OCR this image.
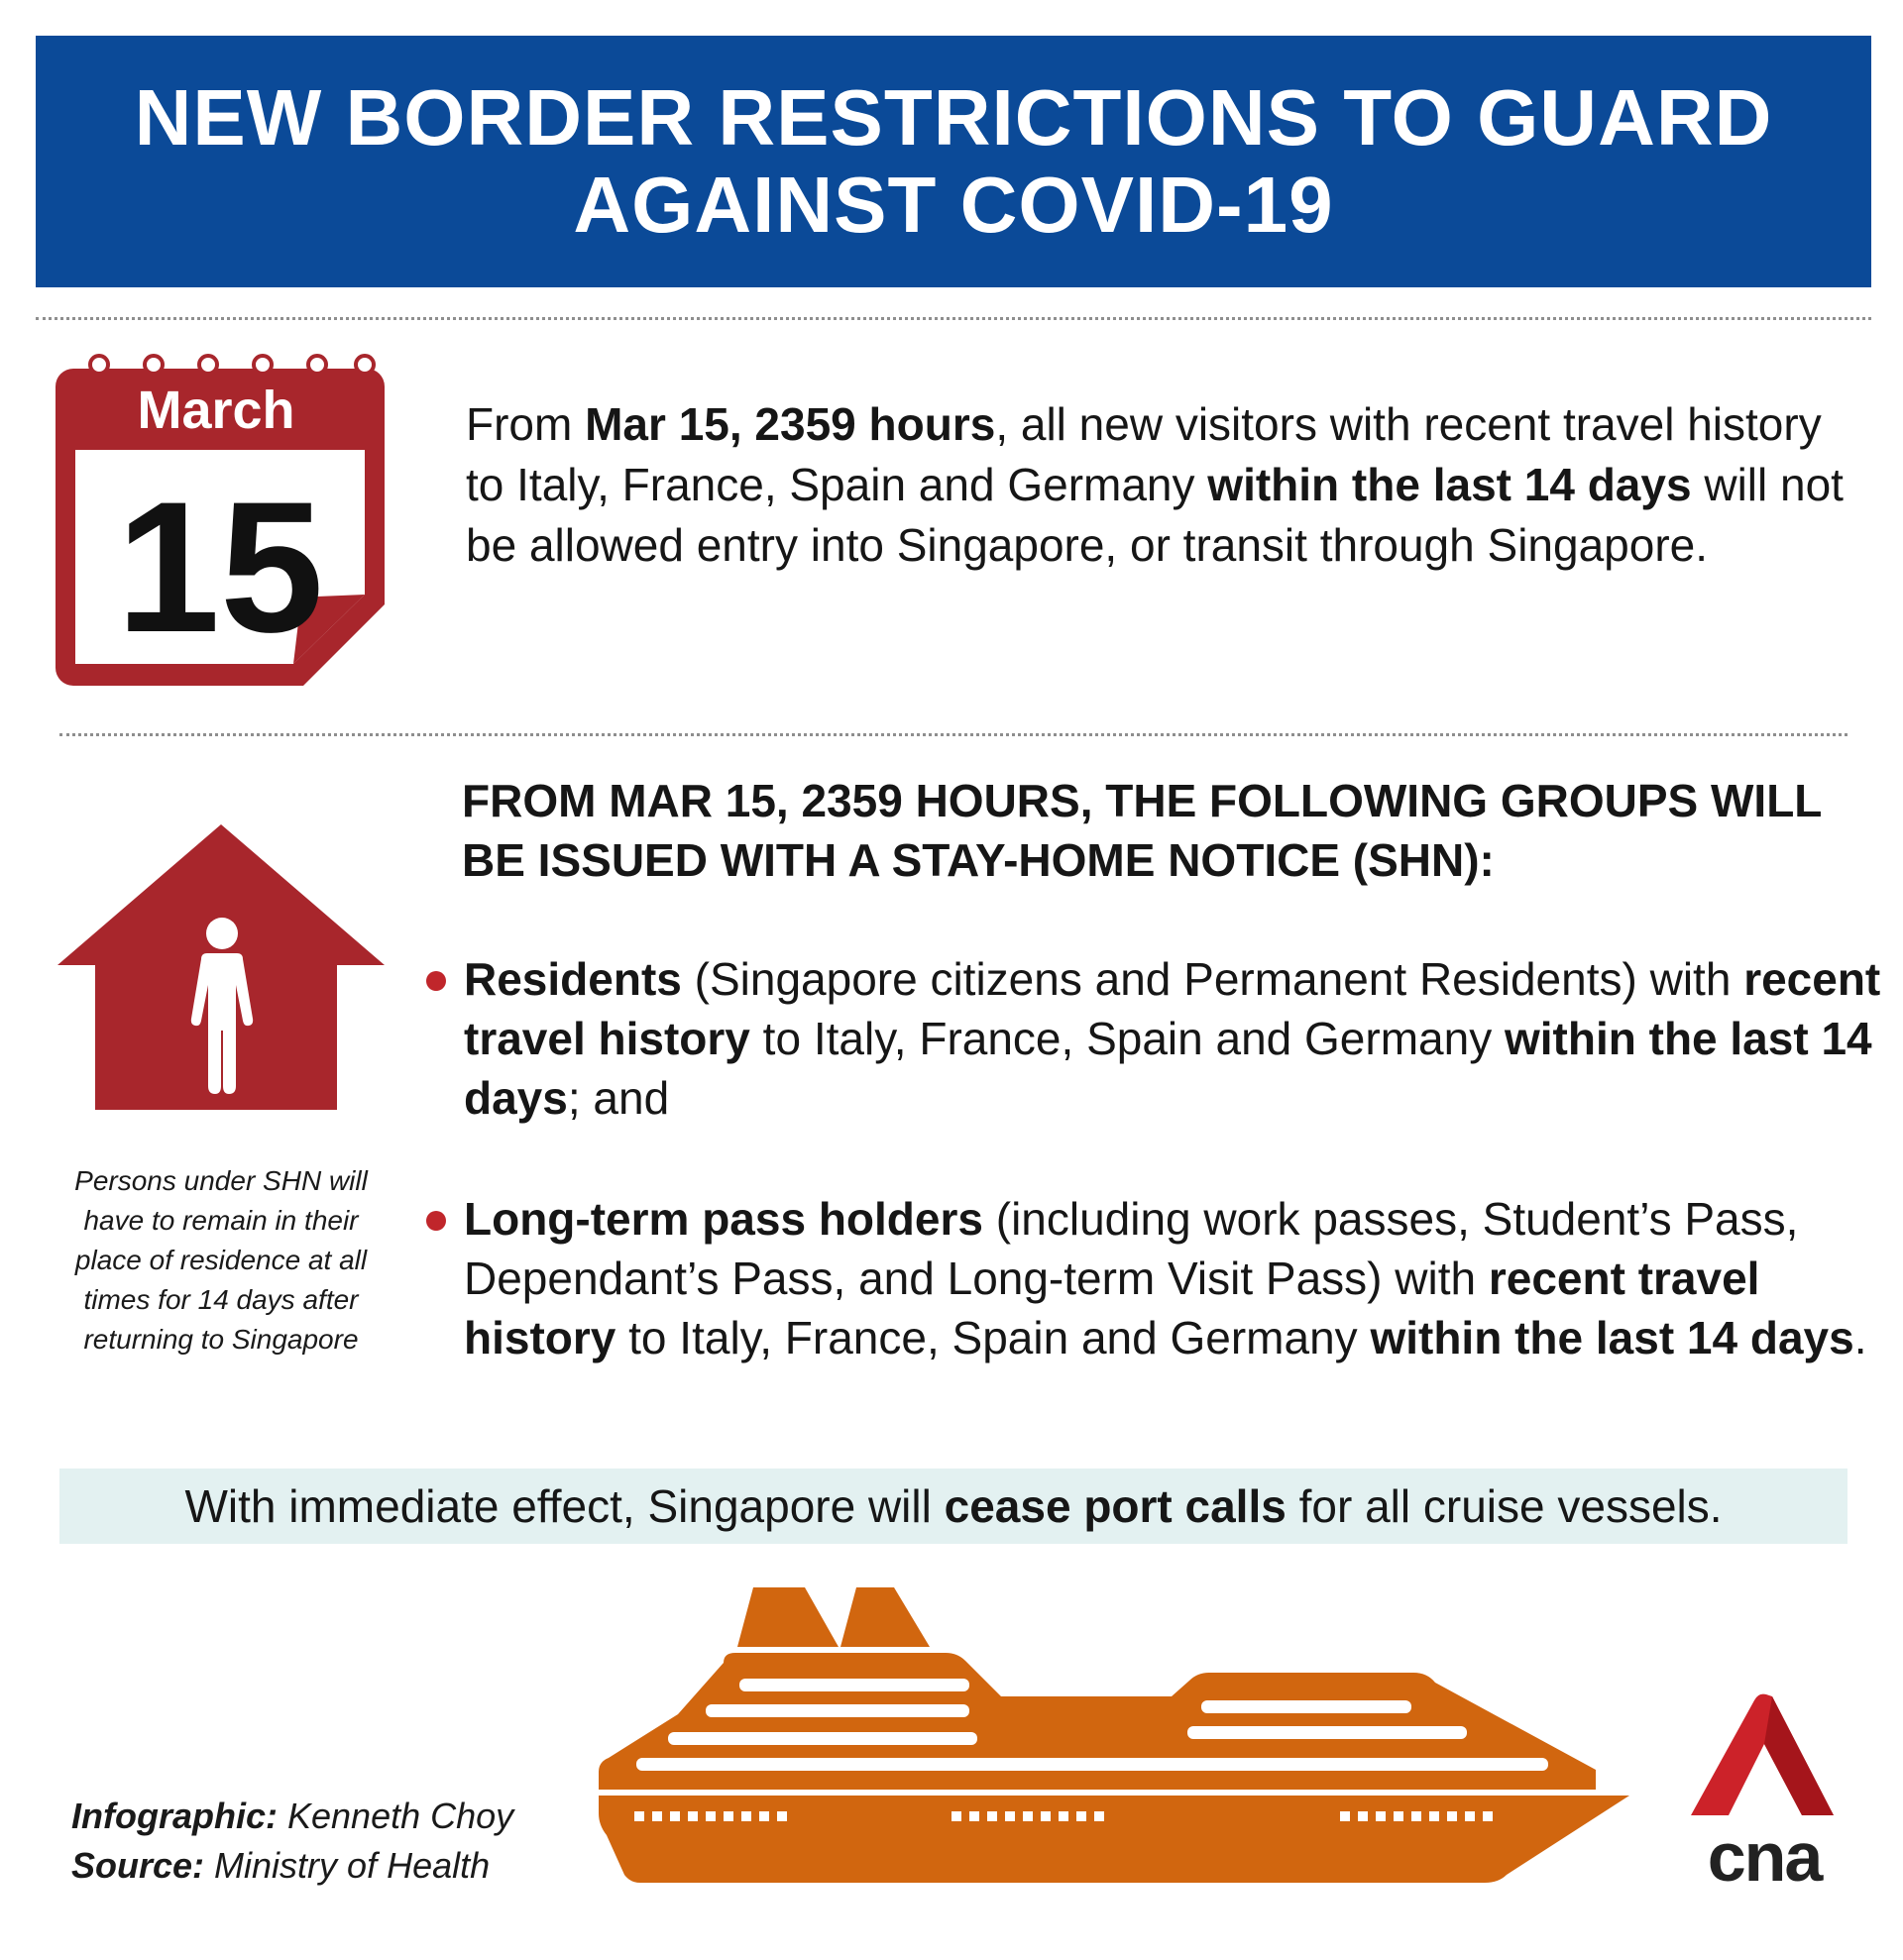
NEW BORDER RESTRICTIONS TO GUARD AGAINST COVID-19
March
15

From Mar 15, 2359 hours, all new visitors with recent travel history to Italy, France, Spain and Germany within the last 14 days will not be allowed entry into Singapore, or transit through Singapore.

Persons under SHN will have to remain in their place of residence at all times for 14 days after returning to Singapore
FROM MAR 15, 2359 HOURS, THE FOLLOWING GROUPS WILL BE ISSUED WITH A STAY-HOME NOTICE (SHN):
Residents (Singapore citizens and Permanent Residents) with recent travel history to Italy, France, Spain and Germany within the last 14 days; and
Long-term pass holders (including work passes, Student’s Pass, Dependant’s Pass, and Long-term Visit Pass) with recent travel history to Italy, France, Spain and Germany within the last 14 days.
With immediate effect, Singapore will cease port calls for all cruise vessels.
Infographic: Kenneth Choy
Source: Ministry of Health	cna
